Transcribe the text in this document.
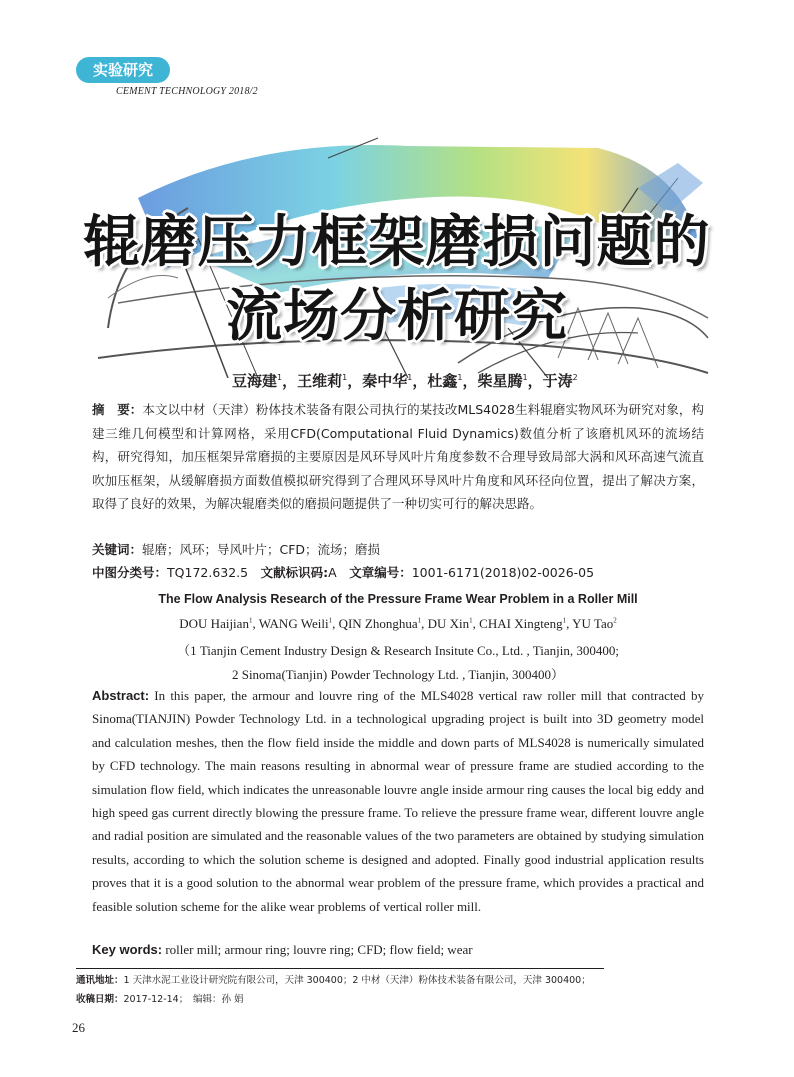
实验研究
CEMENT TECHNOLOGY 2018/2
辊磨压力框架磨损问题的
流场分析研究
豆海建$^1$，王维莉$^1$，秦中华$^1$，杜鑫$^1$，柴星腾$^1$，于涛$^2$
摘　要：本文以中材（天津）粉体技术装备有限公司执行的某技改MLS4028生料辊磨实物风环为研究对象，构建三维几何模型和计算网格，采用CFD(Computational Fluid Dynamics)数值分析了该磨机风环的流场结构，研究得知，加压框架异常磨损的主要原因是风环导风叶片角度参数不合理导致局部大涡和风环高速气流直吹加压框架，从缓解磨损方面数值模拟研究得到了合理风环导风叶片角度和风环径向位置，提出了解决方案，取得了良好的效果，为解决辊磨类似的磨损问题提供了一种切实可行的解决思路。
关键词：辊磨；风环；导风叶片；CFD；流场；磨损
中图分类号：TQ172.632.5　 文献标识码:A　 文章编号：1001-6171(2018)02-0026-05
The Flow Analysis Research of the Pressure Frame Wear Problem in a Roller Mill
DOU Haijian$^1$, WANG Weili$^1$, QIN Zhonghua$^1$, DU Xin$^1$, CHAI Xingteng$^1$, YU Tao$^2$
（1 Tianjin Cement Industry Design & Research Insitute Co., Ltd. , Tianjin, 300400;
2 Sinoma(Tianjin) Powder Technology Ltd. , Tianjin, 300400）
Abstract: In this paper, the armour and louvre ring of the MLS4028 vertical raw roller mill that contracted by Sinoma(TIANJIN) Powder Technology Ltd. in a technological upgrading project is built into 3D geometry model and calculation meshes, then the flow field inside the middle and down parts of MLS4028 is numerically simulated by CFD technology. The main reasons resulting in abnormal wear of pressure frame are studied according to the simulation flow field, which indicates the unreasonable louvre angle inside armour ring causes the local big eddy and high speed gas current directly blowing the pressure frame. To relieve the pressure frame wear, different louvre angle and radial position are simulated and the reasonable values of the two parameters are obtained by studying simulation results, according to which the solution scheme is designed and adopted. Finally good industrial application results proves that it is a good solution to the abnormal wear problem of the pressure frame, which provides a practical and feasible solution scheme for the alike wear problems of vertical roller mill.
Key words: roller mill; armour ring; louvre ring; CFD; flow field; wear
通讯地址：1 天津水泥工业设计研究院有限公司，天津 300400；2 中材（天津）粉体技术装备有限公司，天津 300400；
收稿日期：2017-12-14；　编辑：孙 娟
26
